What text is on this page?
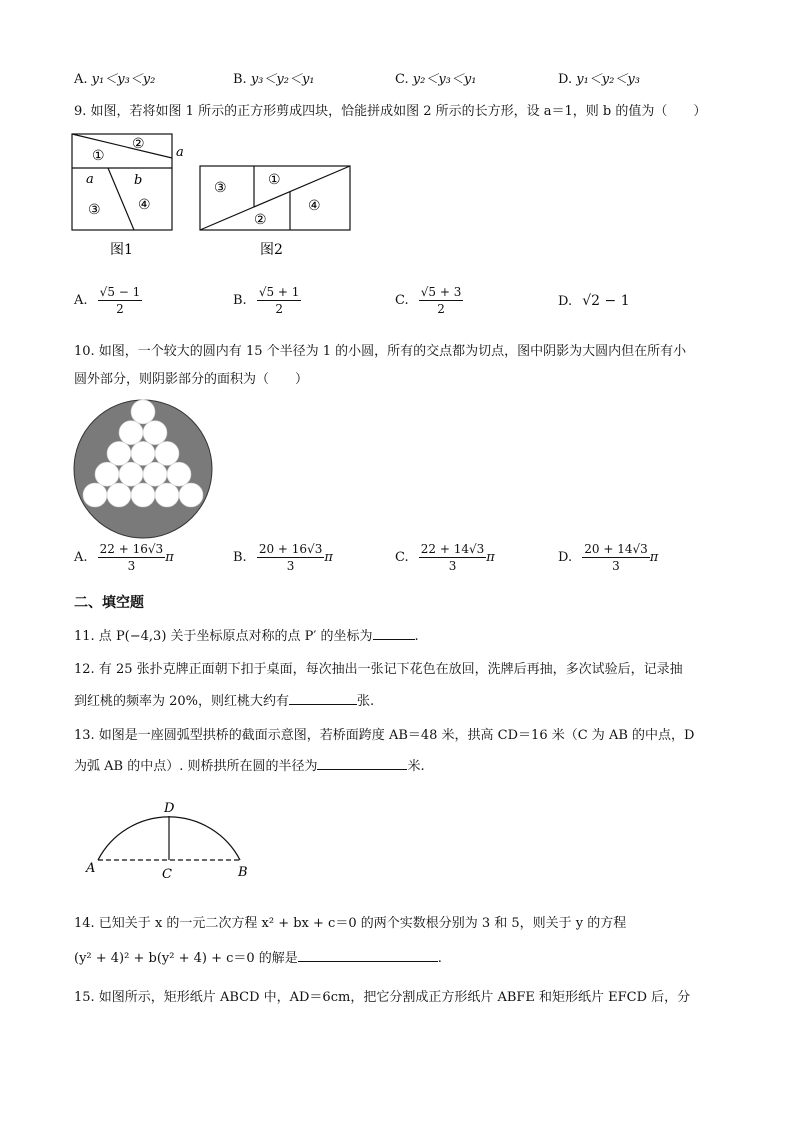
A. y₁＜y₃＜y₂	B. y₃＜y₂＜y₁	C. y₂＜y₃＜y₁	D. y₁＜y₂＜y₃
9. 如图，若将如图 1 所示的正方形剪成四块，恰能拼成如图 2 所示的长方形，设 a＝1，则 b 的值为（　　）
②
①	a
a	b
③	④
图1
③	①
②
④
图2
A. $\frac{√5 - 1}{2}$	B. $\frac{√5 + 1}{2}$	C. $\frac{√5 + 3}{2}$	D. √2 − 1
10. 如图，一个较大的圆内有 15 个半径为 1 的小圆，所有的交点都为切点，图中阴影为大圆内但在所有小
圆外部分，则阴影部分的面积为（　　）
A. $\frac{22 + 16√3}{3}$ π	B. $\frac{20 + 16√3}{3}$ π	C. $\frac{22 + 14√3}{3}$ π	D. $\frac{20 + 14√3}{3}$ π
二、填空题
11. 点 P(−4,3) 关于坐标原点对称的点 P′ 的坐标为	.
12. 有 25 张扑克牌正面朝下扣于桌面，每次抽出一张记下花色在放回，洗牌后再抽，多次试验后，记录抽
到红桃的频率为 20%，则红桃大约有	张.
13. 如图是一座圆弧型拱桥的截面示意图，若桥面跨度 AB＝48 米，拱高 CD＝16 米（C 为 AB 的中点，D
为弧 AB 的中点）. 则桥拱所在圆的半径为	米.
D
A	C	B
14. 已知关于 x 的一元二次方程 x² + bx + c＝0 的两个实数根分别为 3 和 5，则关于 y 的方程
(y² + 4)² + b(y² + 4) + c＝0 的解是	.
15. 如图所示，矩形纸片 ABCD 中，AD＝6cm，把它分割成正方形纸片 ABFE 和矩形纸片 EFCD 后，分
